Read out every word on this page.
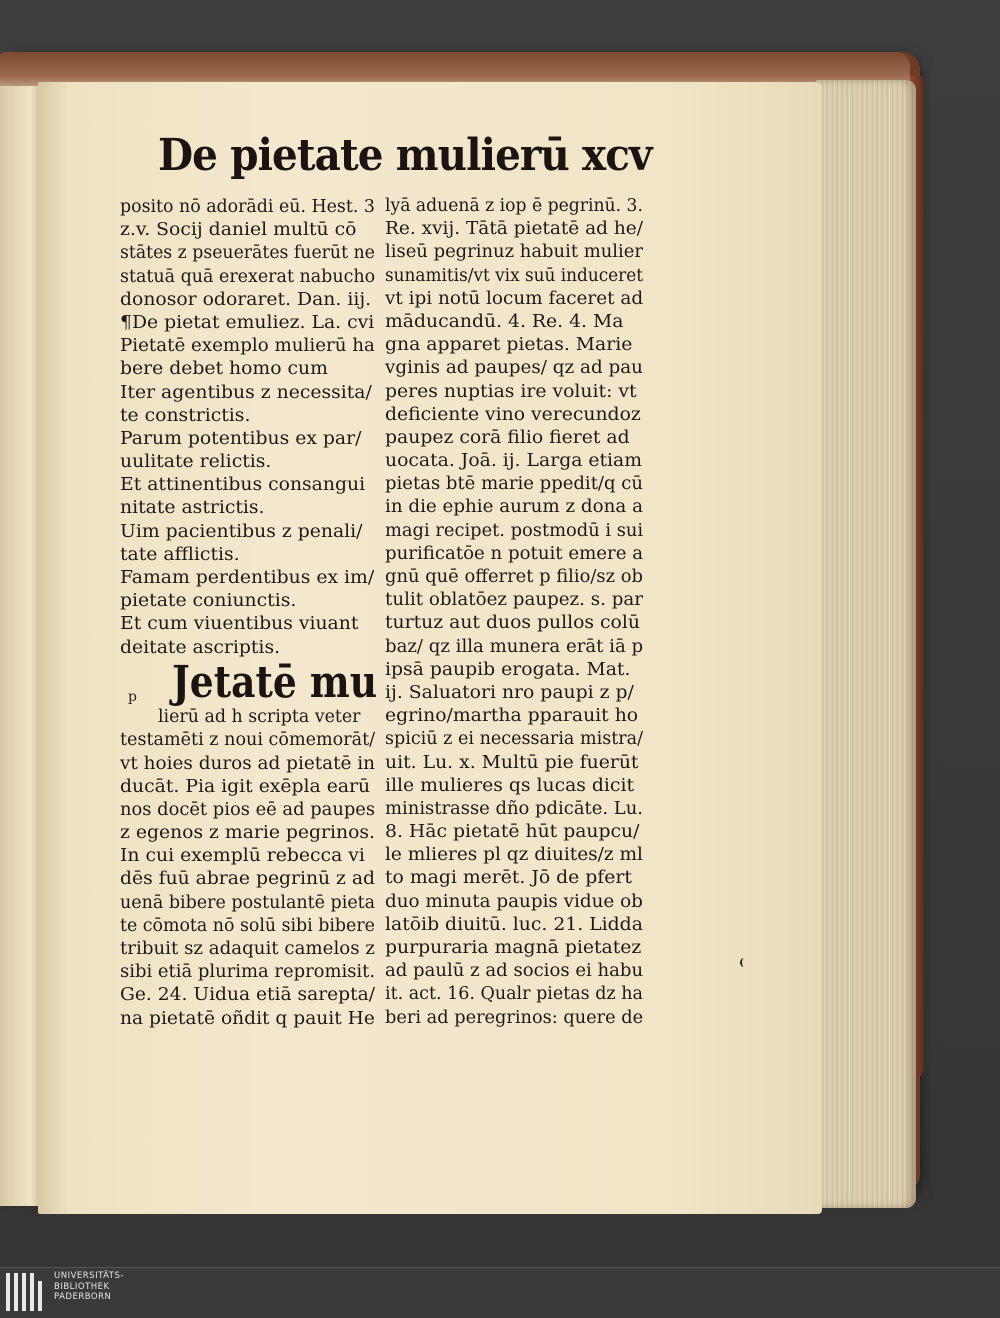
De pietate mulierū xcv
posito nō adorādi eū. Hest. 3
z.v. Socij daniel multū cō
stātes z pseuerātes fuerūt ne
statuā quā erexerat nabucho
donosor odoraret. Dan. iij.
¶De pietat emuliez. La. cvi
Pietatē exemplo mulierū ha
bere debet homo cum
Iter agentibus z necessita/
te constrictis.
Parum potentibus ex par/
uulitate relictis.
Et attinentibus consangui
nitate astrictis.
Uim pacientibus z penali/
tate afflictis.
Famam perdentibus ex im/
pietate coniunctis.
Et cum viuentibus viuant
deitate ascriptis.
p Jetatē mu
lierū ad h scripta veter
testamēti z noui cōmemorāt/
vt hoies duros ad pietatē in
ducāt. Pia igit exēpla earū
nos docēt pios eē ad paupes
z egenos z marie pegrinos.
In cui exemplū rebecca vi
dēs fuū abrae pegrinū z ad
uenā bibere postulantē pieta
te cōmota nō solū sibi bibere
tribuit sz adaquit camelos z
sibi etiā plurima repromisit.
Ge. 24. Uidua etiā sarepta/
na pietatē oñdit q pauit He
lyā aduenā z iop ē pegrinū. 3.
Re. xvij. Tātā pietatē ad he/
liseū pegrinuz habuit mulier
sunamitis/vt vix suū induceret
vt ipi notū locum faceret ad
māducandū. 4. Re. 4. Ma
gna apparet pietas. Marie
vginis ad paupes/ qz ad pau
peres nuptias ire voluit: vt
deficiente vino verecundoz
paupez corā filio fieret ad
uocata. Joā. ij. Larga etiam
pietas btē marie ppedit/q cū
in die ephie aurum z dona a
magi recipet. postmodū i sui
purificatōe n potuit emere a
gnū quē offerret p filio/sz ob
tulit oblatōez paupez. s. par
turtuz aut duos pullos colū
baz/ qz illa munera erāt iā p
ipsā paupib erogata. Mat.
ij. Saluatori nro paupi z p/
egrino/martha pparauit ho
spiciū z ei necessaria mistra/
uit. Lu. x. Multū pie fuerūt
ille mulieres qs lucas dicit
ministrasse dño pdicāte. Lu.
8. Hāc pietatē hūt paupcu/
le mlieres pl qz diuites/z ml
to magi merēt. Jō de pfert
duo minuta paupis vidue ob
latōib diuitū. luc. 21. Lidda
purpuraria magnā pietatez
ad paulū z ad socios ei habu
it. act. 16. Qualr pietas dz ha
beri ad peregrinos: quere de
UNIVERSITÄTS-
BIBLIOTHEK
PADERBORN
